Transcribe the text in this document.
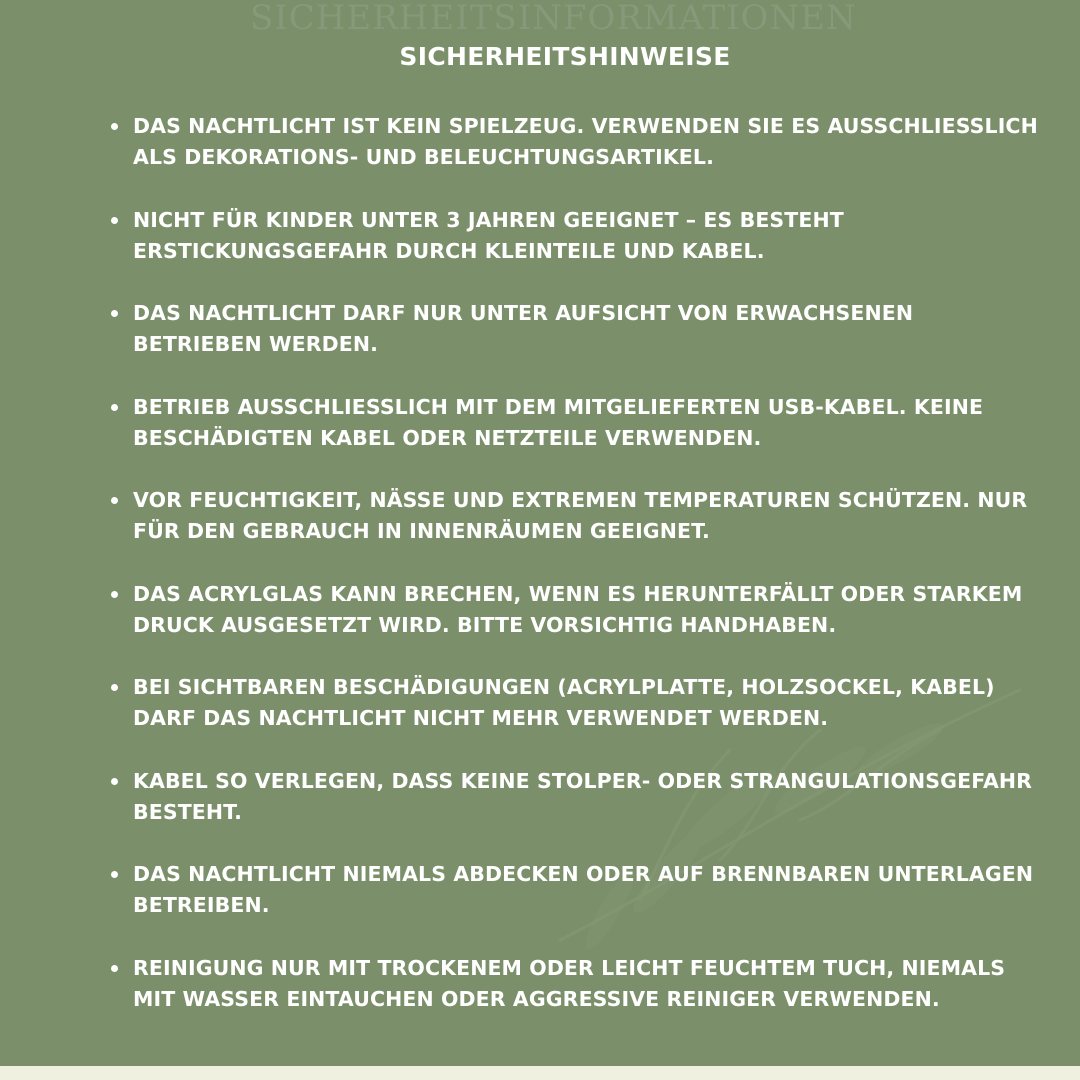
SICHERHEITSINFORMATIONEN
SICHERHEITSHINWEISE
DAS NACHTLICHT IST KEIN SPIELZEUG. VERWENDEN SIE ES AUSSCHLIESSLICH ALS DEKORATIONS- UND BELEUCHTUNGSARTIKEL.
NICHT FÜR KINDER UNTER 3 JAHREN GEEIGNET – ES BESTEHT ERSTICKUNGSGEFAHR DURCH KLEINTEILE UND KABEL.
DAS NACHTLICHT DARF NUR UNTER AUFSICHT VON ERWACHSENEN BETRIEBEN WERDEN.
BETRIEB AUSSCHLIESSLICH MIT DEM MITGELIEFERTEN USB-KABEL. KEINE BESCHÄDIGTEN KABEL ODER NETZTEILE VERWENDEN.
VOR FEUCHTIGKEIT, NÄSSE UND EXTREMEN TEMPERATUREN SCHÜTZEN. NUR FÜR DEN GEBRAUCH IN INNENRÄUMEN GEEIGNET.
DAS ACRYLGLAS KANN BRECHEN, WENN ES HERUNTERFÄLLT ODER STARKEM DRUCK AUSGESETZT WIRD. BITTE VORSICHTIG HANDHABEN.
BEI SICHTBAREN BESCHÄDIGUNGEN (ACRYLPLATTE, HOLZSOCKEL, KABEL) DARF DAS NACHTLICHT NICHT MEHR VERWENDET WERDEN.
KABEL SO VERLEGEN, DASS KEINE STOLPER- ODER STRANGULATIONSGEFAHR BESTEHT.
DAS NACHTLICHT NIEMALS ABDECKEN ODER AUF BRENNBAREN UNTERLAGEN BETREIBEN.
REINIGUNG NUR MIT TROCKENEM ODER LEICHT FEUCHTEM TUCH, NIEMALS MIT WASSER EINTAUCHEN ODER AGGRESSIVE REINIGER VERWENDEN.
